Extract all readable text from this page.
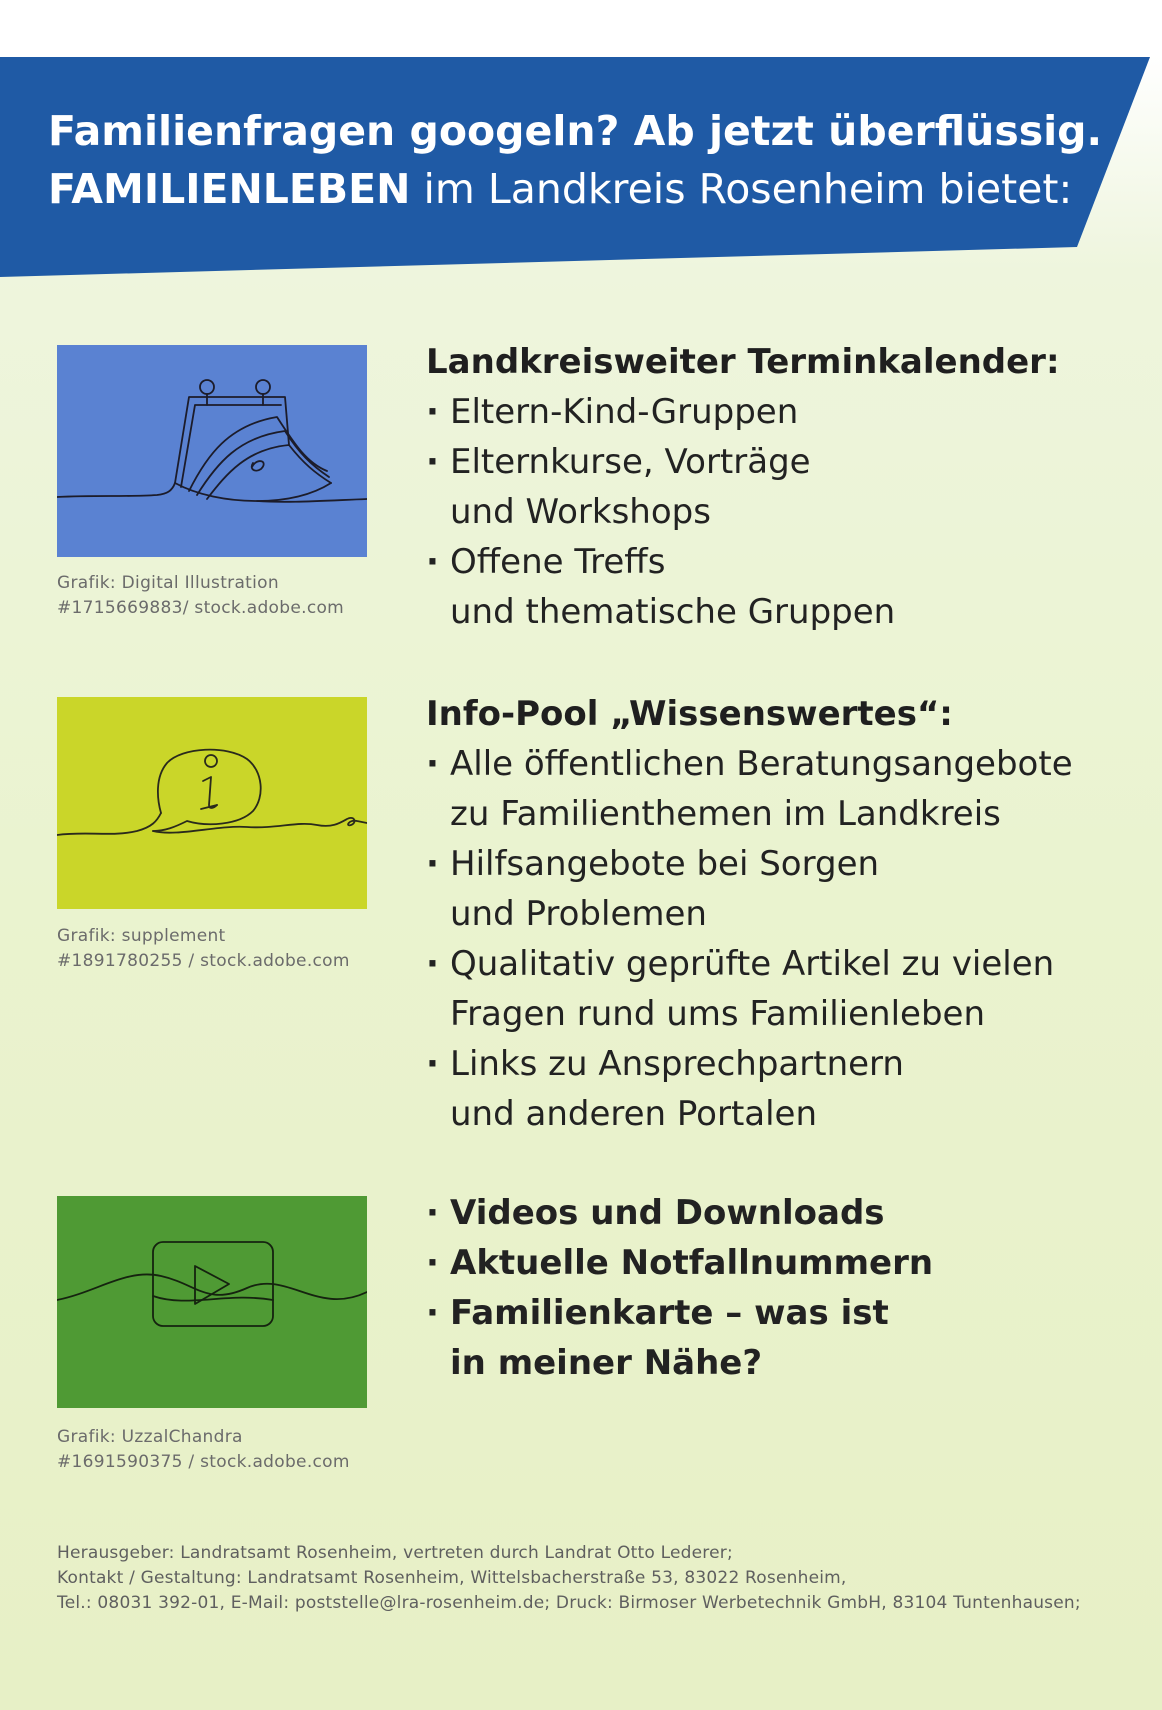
Familienfragen googeln? Ab jetzt überflüssig.
FAMILIENLEBEN im Landkreis Rosenheim bietet:
Grafik: Digital Illustration
#1715669883/ stock.adobe.com
Landkreisweiter Terminkalender:
· Eltern-Kind-Gruppen
· Elternkurse, Vorträge
und Workshops
· Offene Treffs
und thematische Gruppen
Grafik: supplement
#1891780255 / stock.adobe.com
Info-Pool „Wissenswertes“:
· Alle öffentlichen Beratungsangebote
zu Familienthemen im Landkreis
· Hilfsangebote bei Sorgen
und Problemen
· Qualitativ geprüfte Artikel zu vielen
Fragen rund ums Familienleben
· Links zu Ansprechpartnern
und anderen Portalen
Grafik: UzzalChandra
#1691590375 / stock.adobe.com
· Videos und Downloads
· Aktuelle Notfallnummern
· Familienkarte – was ist
in meiner Nähe?
Herausgeber: Landratsamt Rosenheim, vertreten durch Landrat Otto Lederer;
Kontakt / Gestaltung: Landratsamt Rosenheim, Wittelsbacherstraße 53, 83022 Rosenheim,
Tel.: 08031 392-01, E-Mail: poststelle@lra-rosenheim.de; Druck: Birmoser Werbetechnik GmbH, 83104 Tuntenhausen;
